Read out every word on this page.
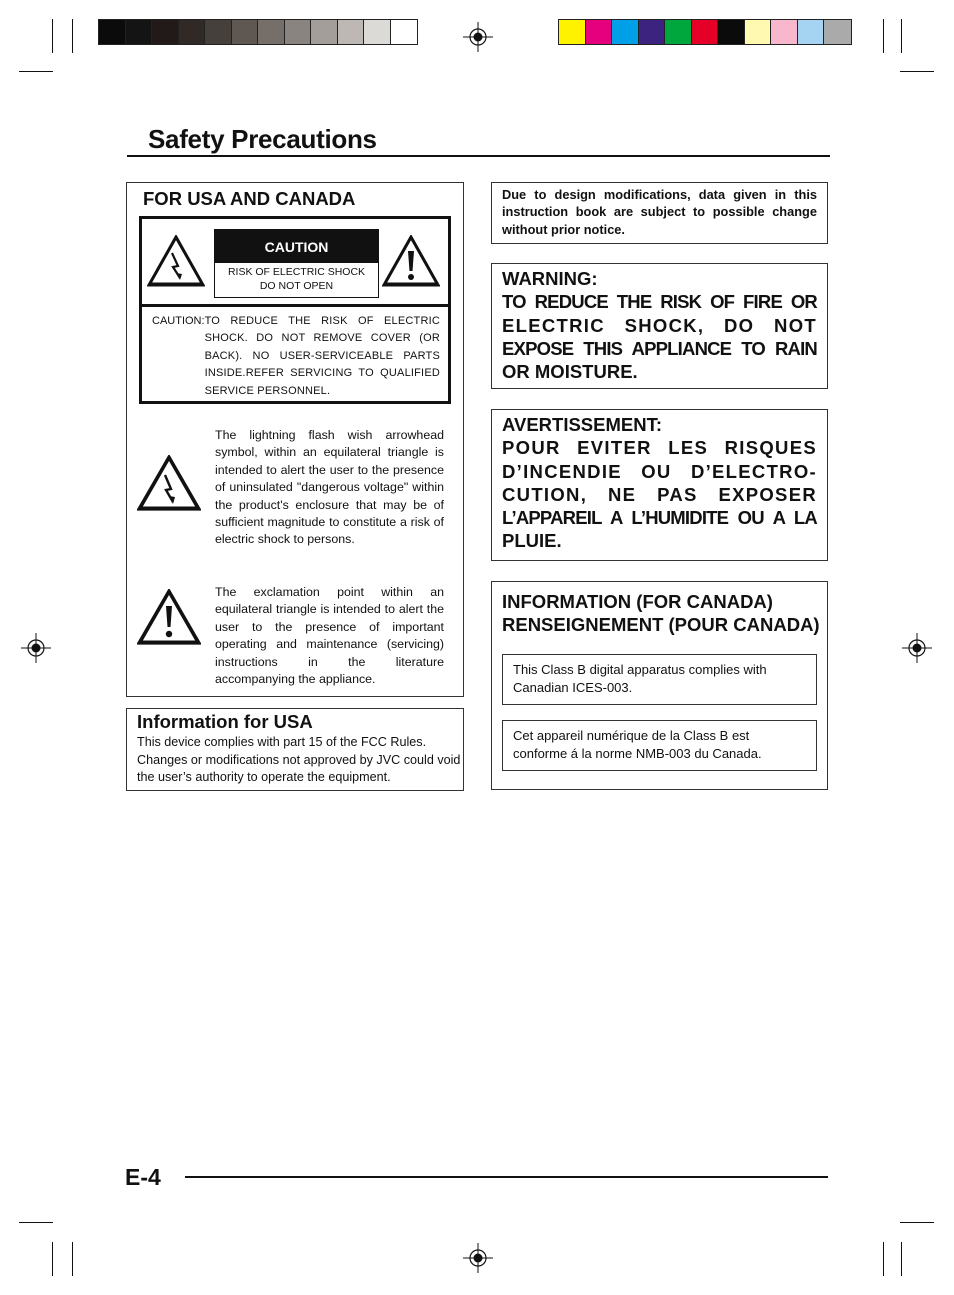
Safety Precautions
FOR USA AND CANADA
CAUTION
RISK OF ELECTRIC SHOCK
DO NOT OPEN
CAUTION: TO REDUCE THE RISK OF ELECTRIC SHOCK. DO NOT REMOVE COVER (OR BACK). NO USER-SERVICEABLE PARTS INSIDE.REFER SERVICING TO QUALIFIED SERVICE PERSONNEL.
The lightning flash wish arrowhead symbol, within an equilateral triangle is intended to alert the user to the presence of uninsulated "dangerous voltage" within the product's enclosure that may be of sufficient magnitude to constitute a risk of electric shock to persons.
The exclamation point within an equilateral triangle is intended to alert the user to the presence of important operating and maintenance (servicing) instructions in the literature accompanying the appliance.
Information for USA
This device complies with part 15 of the FCC Rules. Changes or modifications not approved by JVC could void the user’s authority to operate the equipment.
Due to design modifications, data given in this instruction book are subject to possible change without prior notice.
WARNING:
TO REDUCE THE RISK OF FIRE OR
ELECTRIC SHOCK, DO NOT
EXPOSE THIS APPLIANCE TO RAIN
OR MOISTURE.
AVERTISSEMENT:
POUR EVITER LES RISQUES
D’INCENDIE OU D’ELECTRO-
CUTION, NE PAS EXPOSER
L’APPAREIL A L’HUMIDITE OU A LA
PLUIE.
INFORMATION (FOR CANADA)
RENSEIGNEMENT (POUR CANADA)
This Class B digital apparatus complies with Canadian ICES-003.
Cet appareil numérique de la Class B est conforme á la norme NMB-003 du Canada.
E-4
